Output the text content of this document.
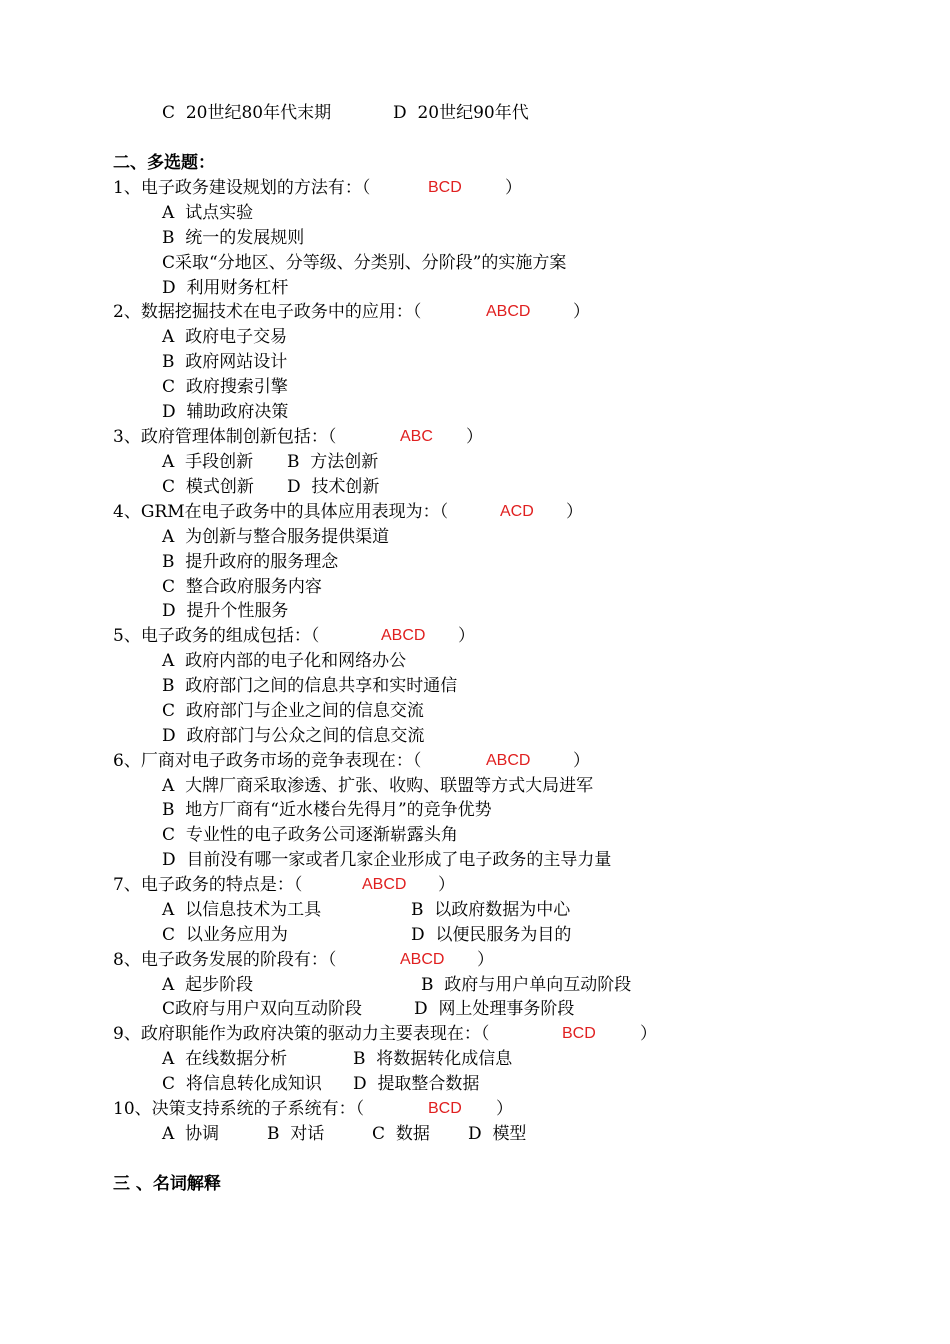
C  20世纪80年代末期	D  20世纪90年代
二、多选题：
1、电子政务建设规划的方法有：（	BCD	）
A  试点实验
B  统一的发展规则
C采取“分地区、分等级、分类别、分阶段”的实施方案
D  利用财务杠杆
2、数据挖掘技术在电子政务中的应用：（	ABCD	）
A  政府电子交易
B  政府网站设计
C  政府搜索引擎
D  辅助政府决策
3、政府管理体制创新包括：（	ABC ）
A  手段创新 B  方法创新
C  模式创新 D  技术创新
4、GRM在电子政务中的具体应用表现为：（	ACD ）
A  为创新与整合服务提供渠道
B  提升政府的服务理念
C  整合政府服务内容
D  提升个性服务
5、电子政务的组成包括：（	ABCD ）
A  政府内部的电子化和网络办公
B  政府部门之间的信息共享和实时通信
C  政府部门与企业之间的信息交流
D  政府部门与公众之间的信息交流
6、厂商对电子政务市场的竞争表现在：（	ABCD	）
A  大牌厂商采取渗透、扩张、收购、联盟等方式大局进军
B  地方厂商有“近水楼台先得月”的竞争优势
C  专业性的电子政务公司逐渐崭露头角
D  目前没有哪一家或者几家企业形成了电子政务的主导力量
7、电子政务的特点是：（	ABCD ）
A  以信息技术为工具	B  以政府数据为中心
C  以业务应用为	D  以便民服务为目的
8、电子政务发展的阶段有：（	ABCD ）
A  起步阶段	B  政府与用户单向互动阶段
C政府与用户双向互动阶段	D  网上处理事务阶段
9、政府职能作为政府决策的驱动力主要表现在：（	BCD	）
A  在线数据分析	B  将数据转化成信息
C  将信息转化成知识 D  提取整合数据
10、决策支持系统的子系统有：（	BCD ）
A  协调	B  对话	C  数据 D  模型
三 、名词解释
